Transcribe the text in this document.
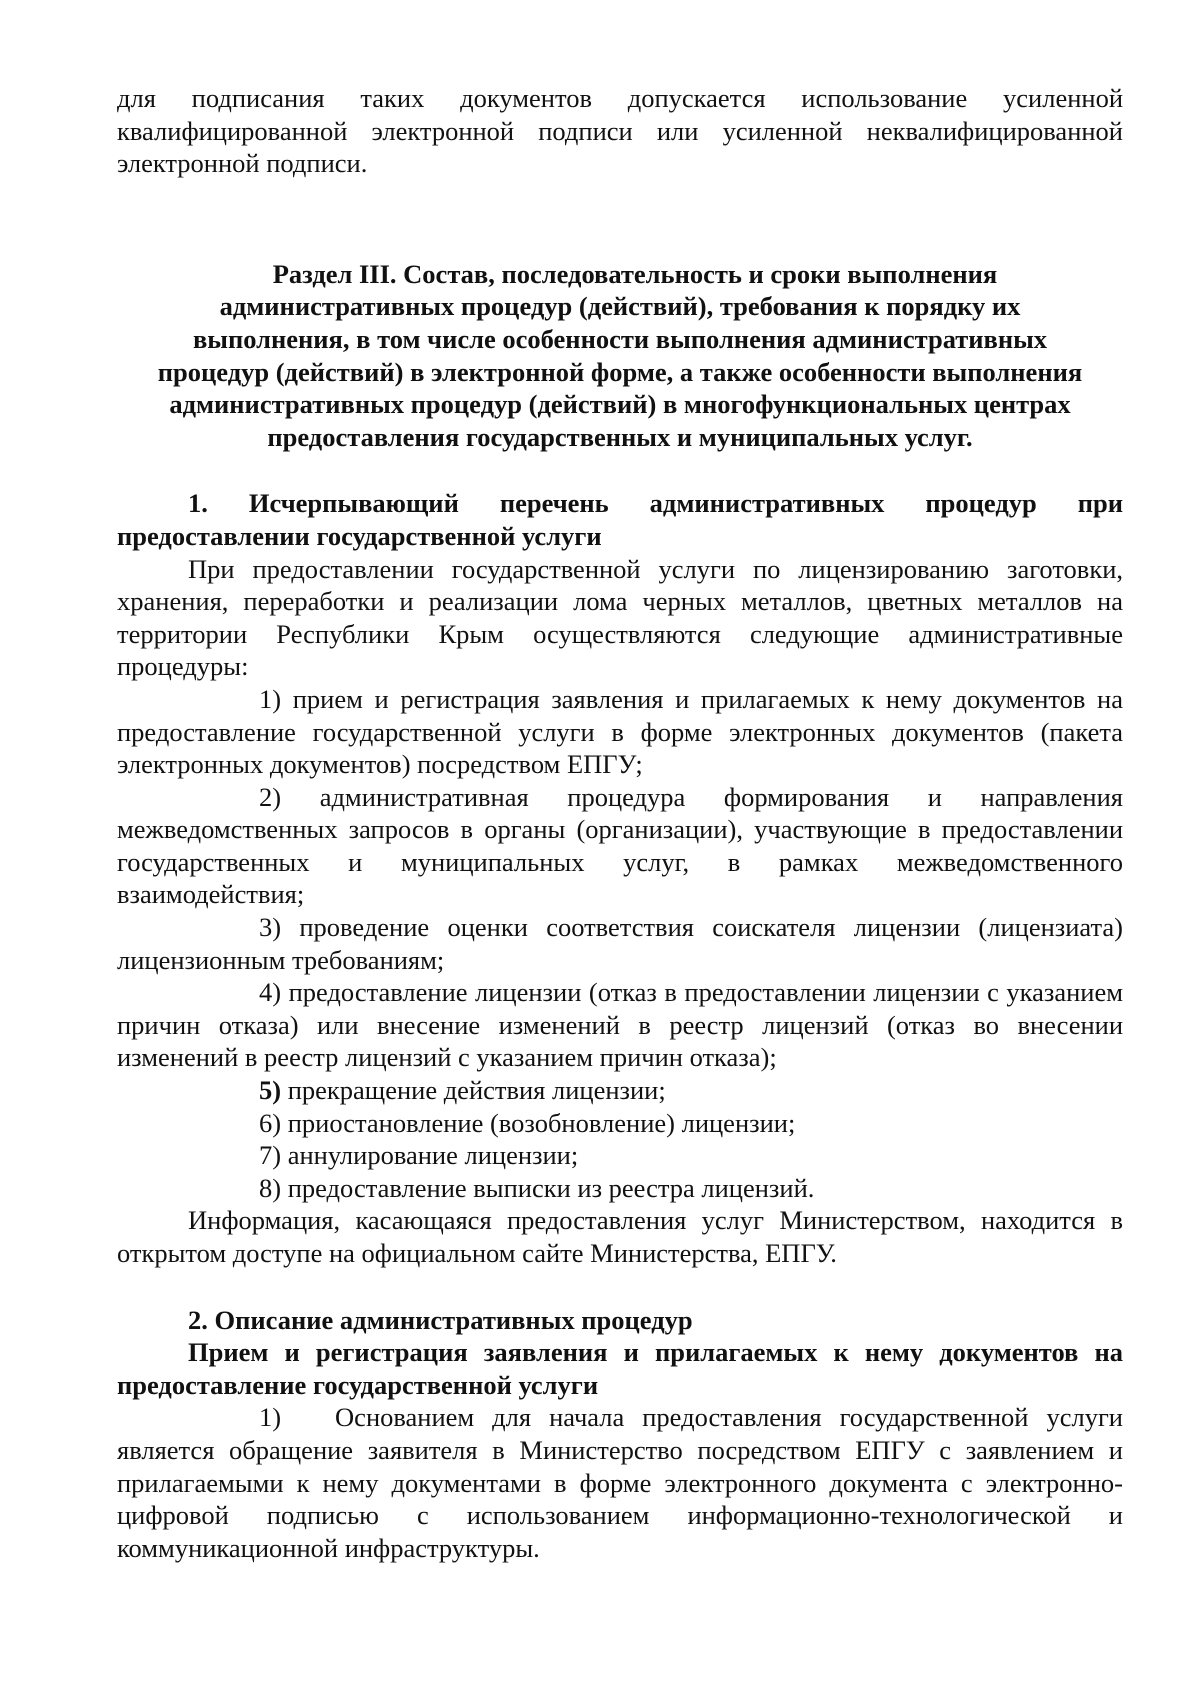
для подписания таких документов допускается использование усиленной квалифицированной электронной подписи или усиленной неквалифицированной электронной подписи.

Раздел III. Состав, последовательность и сроки выполнения
административных процедур (действий), требования к порядку их
выполнения, в том числе особенности выполнения административных
процедур (действий) в электронной форме, а также особенности выполнения
административных процедур (действий) в многофункциональных центрах
предоставления государственных и муниципальных услуг.

1. Исчерпывающий перечень административных процедур при предоставлении государственной услуги

При предоставлении государственной услуги по лицензированию заготовки, хранения, переработки и реализации лома черных металлов, цветных металлов на территории Республики Крым осуществляются следующие административные процедуры:

1) прием и регистрация заявления и прилагаемых к нему документов на предоставление государственной услуги в форме электронных документов (пакета электронных документов) посредством ЕПГУ;

2) административная процедура формирования и направления межведомственных запросов в органы (организации), участвующие в предоставлении государственных и муниципальных услуг, в рамках межведомственного взаимодействия;

3) проведение оценки соответствия соискателя лицензии (лицензиата) лицензионным требованиям;

4) предоставление лицензии (отказ в предоставлении лицензии с указанием причин отказа) или внесение изменений в реестр лицензий (отказ во внесении изменений в реестр лицензий с указанием причин отказа);

5) прекращение действия лицензии;

6) приостановление (возобновление) лицензии;

7) аннулирование лицензии;

8) предоставление выписки из реестра лицензий.

Информация, касающаяся предоставления услуг Министерством, находится в открытом доступе на официальном сайте Министерства, ЕПГУ.

2. Описание административных процедур

Прием и регистрация заявления и прилагаемых к нему документов на предоставление государственной услуги

1)   Основанием для начала предоставления государственной услуги является обращение заявителя в Министерство посредством ЕПГУ с заявлением и прилагаемыми к нему документами в форме электронного документа с электронно-цифровой подписью с использованием информационно-технологической и коммуникационной инфраструктуры.
